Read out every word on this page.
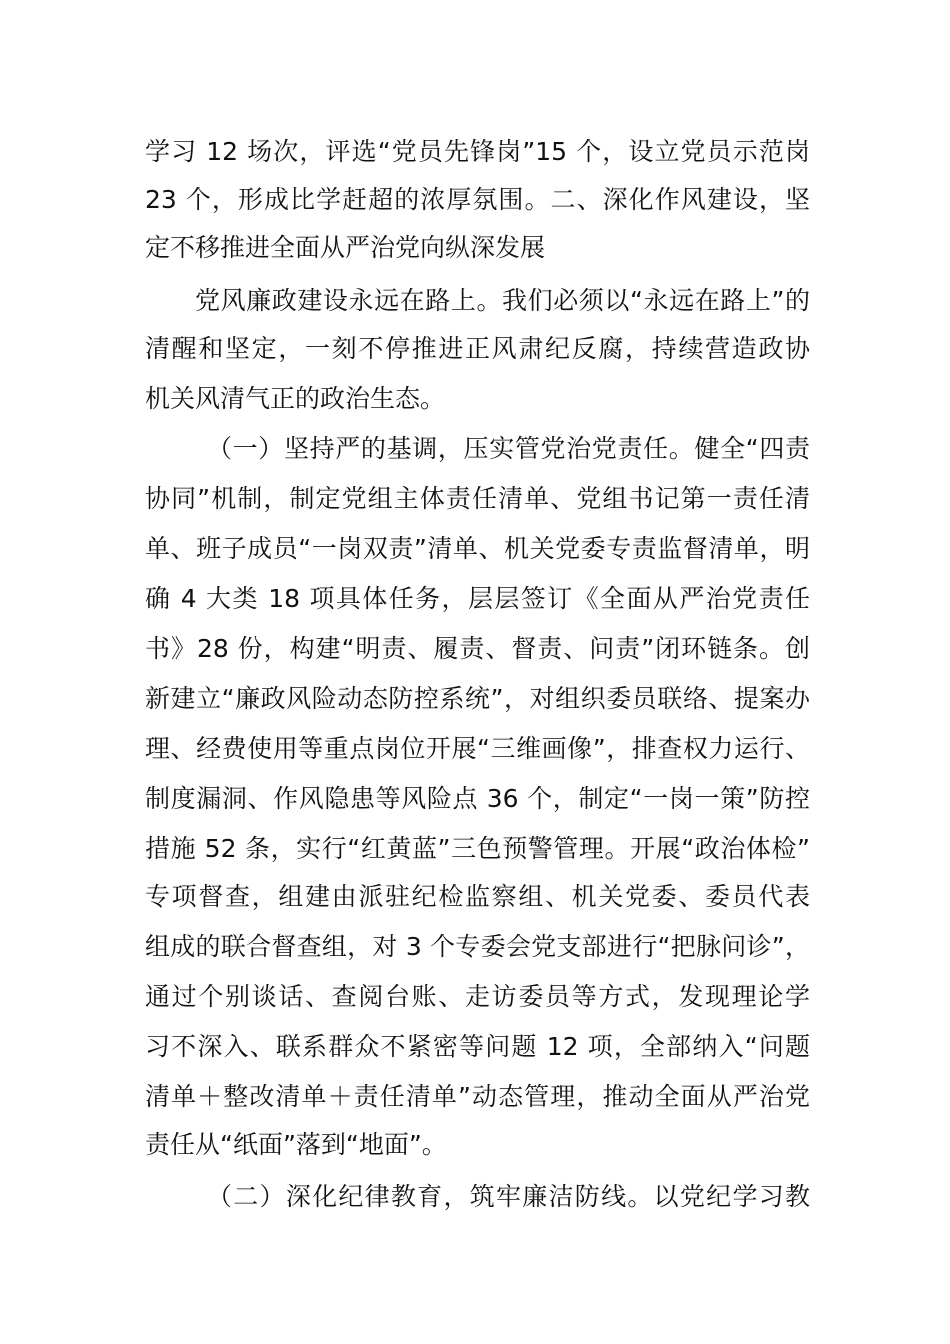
学习 12 场次，评选“党员先锋岗”15 个，设立党员示范岗

23 个，形成比学赶超的浓厚氛围。二、深化作风建设，坚

定不移推进全面从严治党向纵深发展

党风廉政建设永远在路上。我们必须以“永远在路上”的

清醒和坚定，一刻不停推进正风肃纪反腐，持续营造政协

机关风清气正的政治生态。

（一）坚持严的基调，压实管党治党责任。健全“四责

协同”机制，制定党组主体责任清单、党组书记第一责任清

单、班子成员“一岗双责”清单、机关党委专责监督清单，明

确 4 大类 18 项具体任务，层层签订《全面从严治党责任

书》28 份，构建“明责、履责、督责、问责”闭环链条。创

新建立“廉政风险动态防控系统”，对组织委员联络、提案办

理、经费使用等重点岗位开展“三维画像”，排查权力运行、

制度漏洞、作风隐患等风险点 36 个，制定“一岗一策”防控

措施 52 条，实行“红黄蓝”三色预警管理。开展“政治体检”

专项督查，组建由派驻纪检监察组、机关党委、委员代表

组成的联合督查组，对 3 个专委会党支部进行“把脉问诊”，

通过个别谈话、查阅台账、走访委员等方式，发现理论学

习不深入、联系群众不紧密等问题 12 项，全部纳入“问题

清单＋整改清单＋责任清单”动态管理，推动全面从严治党

责任从“纸面”落到“地面”。

（二）深化纪律教育，筑牢廉洁防线。以党纪学习教
